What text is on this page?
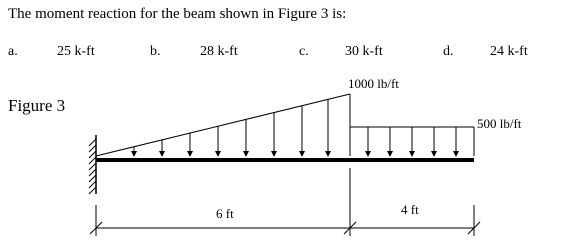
The moment reaction for the beam shown in Figure 3 is:
a.	25 k-ft	b.	28 k-ft	c.	30 k-ft	d.	24 k-ft
Figure 3
1000 lb/ft
500 lb/ft
6 ft	4 ft
